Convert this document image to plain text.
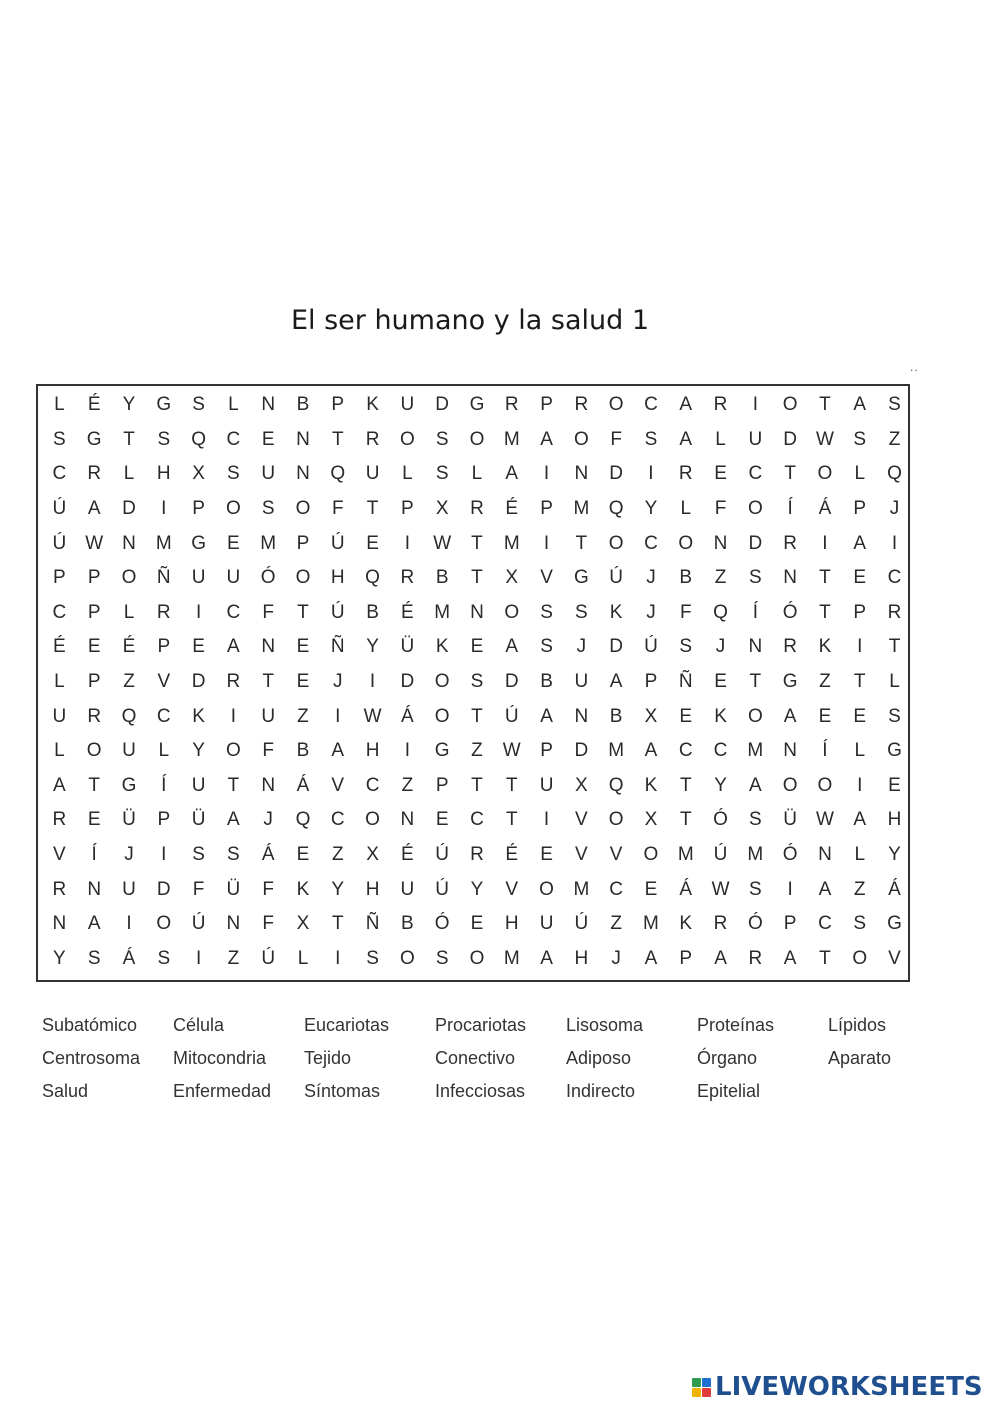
El ser humano y la salud 1
..
L	É	Y	G	S	L	N	B	P	K	U	D	G	R	P	R	O	C	A	R	I	O	T	A	S
S	G	T	S	Q	C	E	N	T	R	O	S	O	M	A	O	F	S	A	L	U	D W	S	Z
C	R	L	H	X	S	U	N	Q	U	L	S	L	A	I	N	D	I	R	E	C	T	O	L	Q
Ú	A	D	I	P	O	S	O	F	T	P	X	R	É	P	M	Q	Y	L	F	O	Í	Á	P	J
Ú W N	M	G	E	M	P	Ú	E	I	W	T	M	I	T	O	C	O	N	D	R	I	A	I
P	P	O	Ñ	U	U	Ó	O	H	Q	R	B	T	X	V	G	Ú	J	B	Z	S	N	T	E	C
C	P	L	R	I	C	F	T	Ú	B	É	M	N	O	S	S	K	J	F	Q	Í	Ó	T	P	R
É	E	É	P	E	A	N	E	Ñ	Y	Ü	K	E	A	S	J	D	Ú	S	J	N	R	K	I	T
L	P	Z	V	D	R	T	E	J	I	D	O	S	D	B	U	A	P	Ñ	E	T	G	Z	T	L
U	R	Q	C	K	I	U	Z	I	W	Á	O	T	Ú	A	N	B	X	E	K	O	A	E	E	S
L	O	U	L	Y	O	F	B	A	H	I	G	Z	W	P	D	M	A	C	C	M	N	Í	L	G
A	T	G	Í	U	T	N	Á	V	C	Z	P	T	T	U	X	Q	K	T	Y	A	O	O	I	E
R	E	Ü	P	Ü	A	J	Q	C	O	N	E	C	T	I	V	O	X	T	Ó	S	Ü W	A	H
V	Í	J	I	S	S	Á	E	Z	X	É	Ú	R	É	E	V	V	O	M	Ú	M	Ó	N	L	Y
R	N	U	D	F	Ü	F	K	Y	H	U	Ú	Y	V	O	M	C	E	Á	W	S	I	A	Z	Á
N	A	I	O	Ú	N	F	X	T	Ñ	B	Ó	E	H	U	Ú	Z	M	K	R	Ó	P	C	S	G
Y	S	Á	S	I	Z	Ú	L	I	S	O	S	O	M	A	H	J	A	P	A	R	A	T	O	V
Subatómico	Célula	Eucariotas	Procariotas	Lisosoma	Proteínas	Lípidos
Centrosoma	Mitocondria	Tejido	Conectivo	Adiposo	Órgano	Aparato
Salud	Enfermedad	Síntomas	Infecciosas	Indirecto	Epitelial
LIVEWORKSHEETS
